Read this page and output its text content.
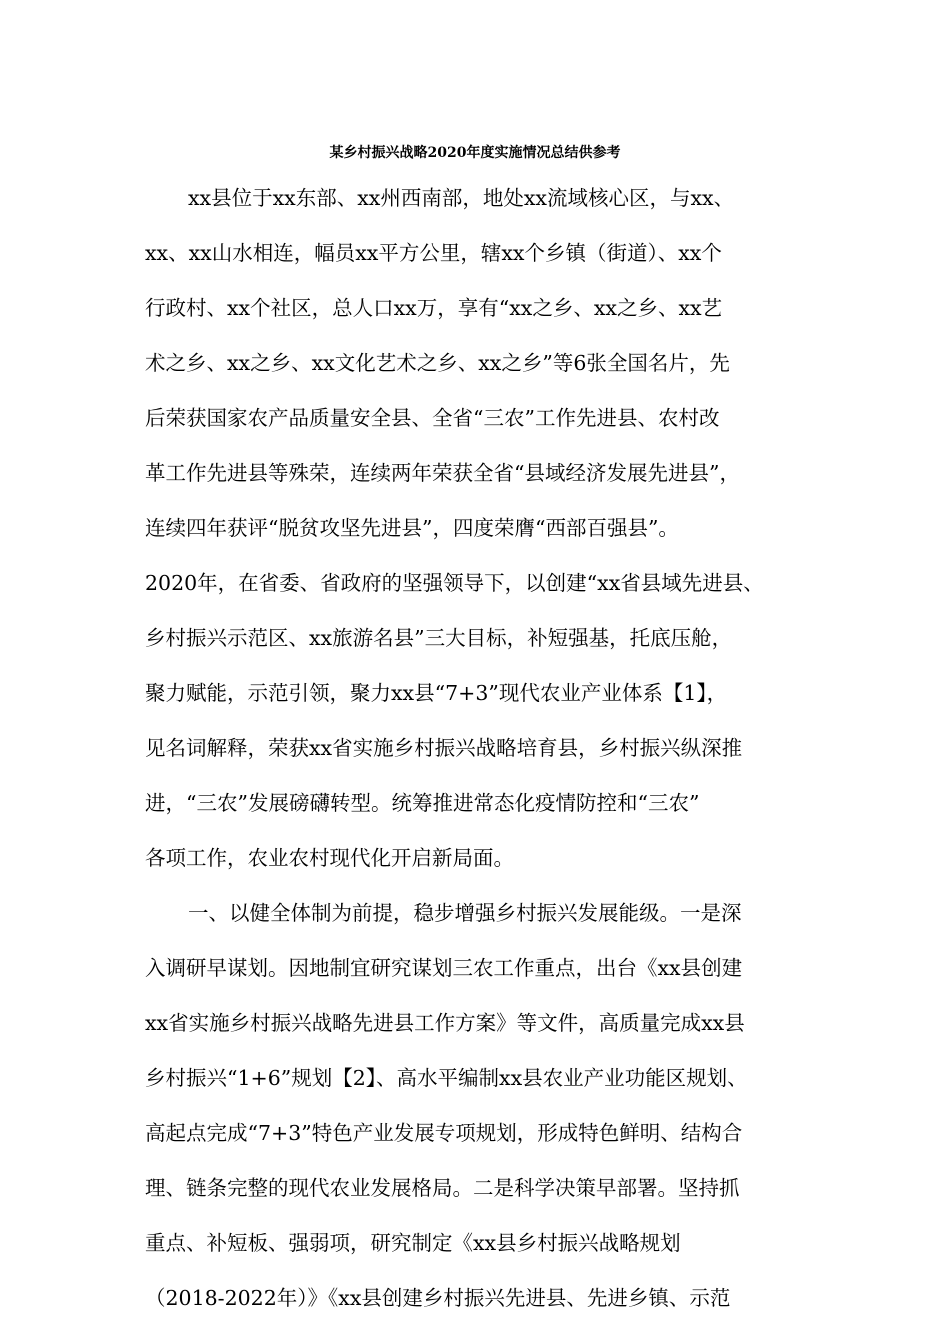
某乡村振兴战略2020年度实施情况总结供参考
xx县位于xx东部、xx州西南部，地处xx流域核心区，与xx、
xx、xx山水相连，幅员xx平方公里，辖xx个乡镇（街道）、xx个
行政村、xx个社区，总人口xx万，享有“xx之乡、xx之乡、xx艺
术之乡、xx之乡、xx文化艺术之乡、xx之乡”等6张全国名片，先
后荣获国家农产品质量安全县、全省“三农”工作先进县、农村改
革工作先进县等殊荣，连续两年荣获全省“县域经济发展先进县”，
连续四年获评“脱贫攻坚先进县”，四度荣膺“西部百强县”。
2020年，在省委、省政府的坚强领导下，以创建“xx省县域先进县、
乡村振兴示范区、xx旅游名县”三大目标，补短强基，托底压舱，
聚力赋能，示范引领，聚力xx县“7+3”现代农业产业体系【1】，
见名词解释，荣获xx省实施乡村振兴战略培育县，乡村振兴纵深推
进，“三农”发展磅礴转型。统筹推进常态化疫情防控和“三农”
各项工作，农业农村现代化开启新局面。
一、以健全体制为前提，稳步增强乡村振兴发展能级。一是深
入调研早谋划。因地制宜研究谋划三农工作重点，出台《xx县创建
xx省实施乡村振兴战略先进县工作方案》等文件，高质量完成xx县
乡村振兴“1+6”规划【2】、高水平编制xx县农业产业功能区规划、
高起点完成“7+3”特色产业发展专项规划，形成特色鲜明、结构合
理、链条完整的现代农业发展格局。二是科学决策早部署。坚持抓
重点、补短板、强弱项，研究制定《xx县乡村振兴战略规划
（2018-2022年）》《xx县创建乡村振兴先进县、先进乡镇、示范
